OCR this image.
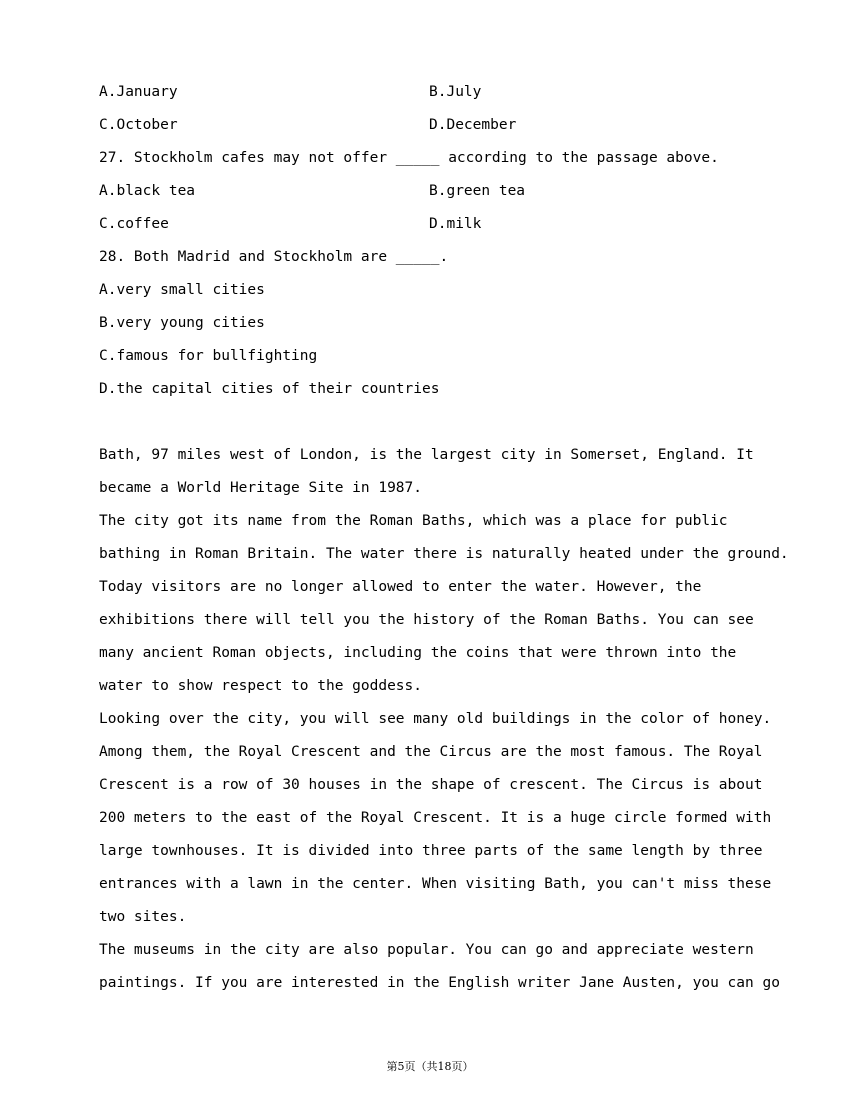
A.January

	B.July

C.October

	D.December

27. Stockholm cafes may not offer _____ according to the passage above.

A.black tea

	B.green tea

C.coffee

	D.milk

28. Both Madrid and Stockholm are _____.
A.very small cities
B.very young cities
C.famous for bullfighting
D.the capital cities of their countries
Bath, 97 miles west of London, is the largest city in Somerset, England. It
became a World Heritage Site in 1987.
The city got its name from the Roman Baths, which was a place for public
bathing in Roman Britain. The water there is naturally heated under the ground.
Today visitors are no longer allowed to enter the water. However, the
exhibitions there will tell you the history of the Roman Baths. You can see
many ancient Roman objects, including the coins that were thrown into the
water to show respect to the goddess.
Looking over the city, you will see many old buildings in the color of honey.
Among them, the Royal Crescent and the Circus are the most famous. The Royal
Crescent is a row of 30 houses in the shape of crescent. The Circus is about
200 meters to the east of the Royal Crescent. It is a huge circle formed with
large townhouses. It is divided into three parts of the same length by three
entrances with a lawn in the center. When visiting Bath, you can't miss these
two sites.
The museums in the city are also popular. You can go and appreciate western
paintings. If you are interested in the English writer Jane Austen, you can go
第5页（共18页）
